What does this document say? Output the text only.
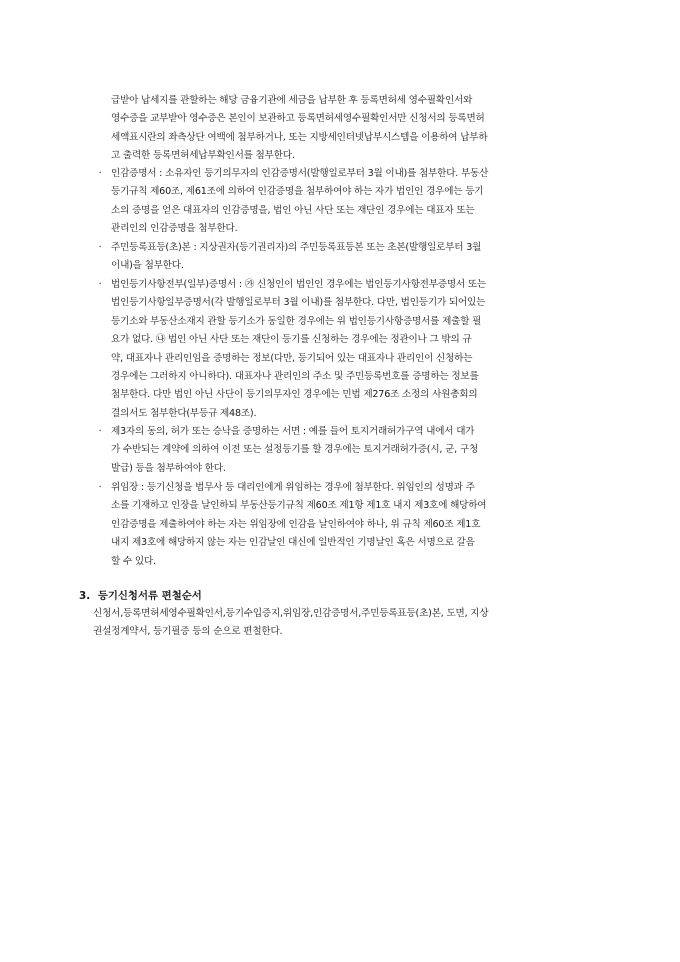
급받아 납세지를 관할하는 해당 금융기관에 세금을 납부한 후 등록면허세 영수필확인서와
영수증을 교부받아 영수증은 본인이 보관하고 등록면허세영수필확인서만 신청서의 등록면허
세액표시란의 좌측상단 여백에 첨부하거나, 또는 지방세인터넷납부시스템을 이용하여 납부하
고 출력한 등록면허세납부확인서를 첨부한다.
· 인감증명서 : 소유자인 등기의무자의 인감증명서(발행일로부터 3월 이내)를 첨부한다. 부동산
등기규칙 제60조, 제61조에 의하여 인감증명을 첨부하여야 하는 자가 법인인 경우에는 등기
소의 증명을 얻은 대표자의 인감증명을, 법인 아닌 사단 또는 재단인 경우에는 대표자 또는
관리인의 인감증명을 첨부한다.
· 주민등록표등(초)본 : 지상권자(등기권리자)의 주민등록표등본 또는 초본(발행일로부터 3월
이내)을 첨부한다.
· 법인등기사항전부(일부)증명서 : ㉮ 신청인이 법인인 경우에는 법인등기사항전부증명서 또는
법인등기사항일부증명서(각 발행일로부터 3월 이내)를 첨부한다. 다만, 법인등기가 되어있는
등기소와 부동산소재지 관할 등기소가 동일한 경우에는 위 법인등기사항증명서를 제출할 필
요가 없다. ㉯ 법인 아닌 사단 또는 재단이 등기를 신청하는 경우에는 정관이나 그 밖의 규
약, 대표자나 관리인임을 증명하는 정보(다만, 등기되어 있는 대표자나 관리인이 신청하는
경우에는 그러하지 아니하다). 대표자나 관리인의 주소 및 주민등록번호를 증명하는 정보를
첨부한다. 다만 법인 아닌 사단이 등기의무자인 경우에는 민법 제276조 소정의 사원총회의
결의서도 첨부한다(부등규 제48조).
· 제3자의 동의, 허가 또는 승낙을 증명하는 서면 : 예를 들어 토지거래허가구역 내에서 대가
가 수반되는 계약에 의하여 이전 또는 설정등기를 할 경우에는 토지거래허가증(시, 군, 구청
발급) 등을 첨부하여야 한다.
· 위임장 : 등기신청을 법무사 등 대리인에게 위임하는 경우에 첨부한다. 위임인의 성명과 주
소를 기재하고 인장을 날인하되 부동산등기규칙 제60조 제1항 제1호 내지 제3호에 해당하여
인감증명을 제출하여야 하는 자는 위임장에 인감을 날인하여야 하나, 위 규칙 제60조 제1호
내지 제3호에 해당하지 않는 자는 인감날인 대신에 일반적인 기명날인 혹은 서명으로 갈음
할 수 있다.
3. 등기신청서류 편철순서
신청서,등록면허세영수필확인서,등기수입증지,위임장,인감증명서,주민등록표등(초)본, 도면, 지상
권설정계약서, 등기필증 등의 순으로 편철한다.
